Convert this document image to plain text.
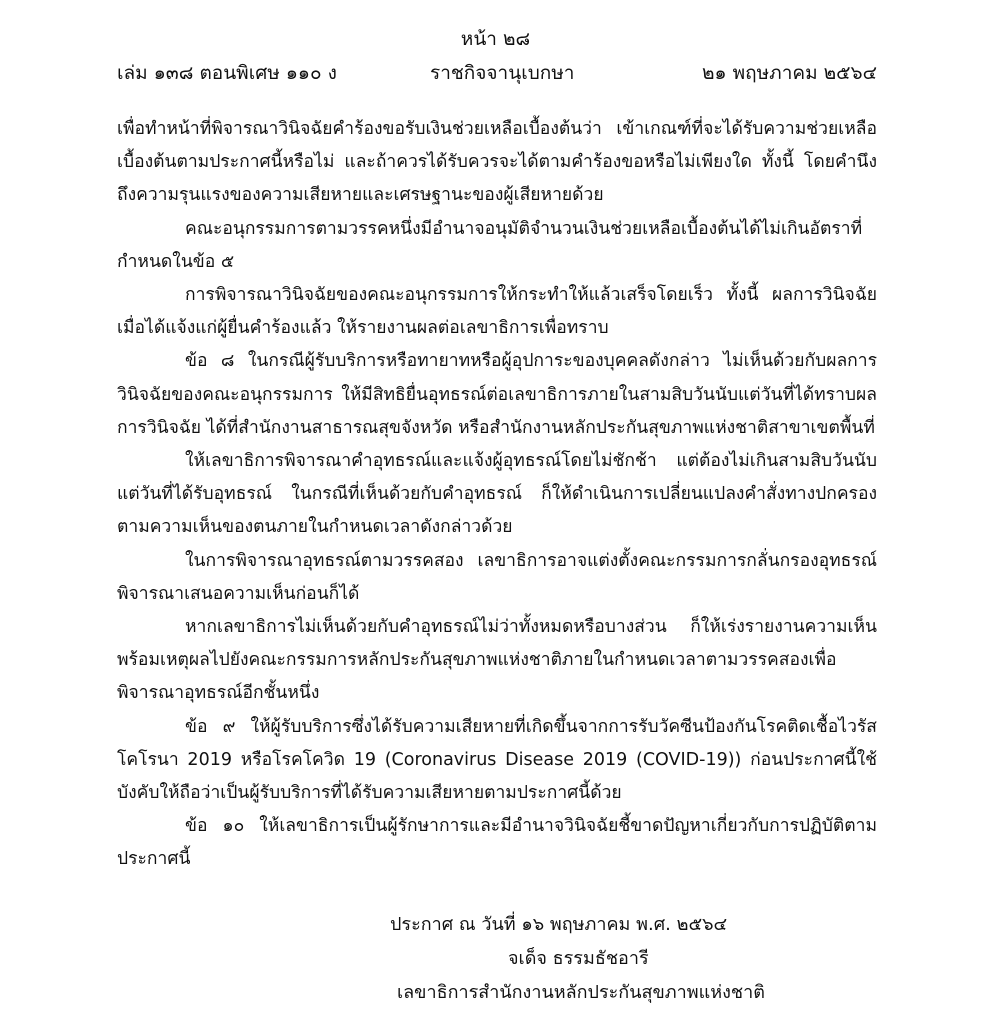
หน้า ๒๘
เล่ม ๑๓๘ ตอนพิเศษ ๑๑๐ ง	ราชกิจจานุเบกษา	๒๑ พฤษภาคม ๒๕๖๔

เพื่อทำหน้าที่พิจารณาวินิจฉัยคำร้องขอรับเงินช่วยเหลือเบื้องต้นว่า เข้าเกณฑ์ที่จะได้รับความช่วยเหลือเบื้องต้นตามประกาศนี้หรือไม่ และถ้าควรได้รับควรจะได้ตามคำร้องขอหรือไม่เพียงใด ทั้งนี้ โดยคำนึงถึงความรุนแรงของความเสียหายและเศรษฐานะของผู้เสียหายด้วย

คณะอนุกรรมการตามวรรคหนึ่งมีอำนาจอนุมัติจำนวนเงินช่วยเหลือเบื้องต้นได้ไม่เกินอัตราที่กำหนดในข้อ ๕

การพิจารณาวินิจฉัยของคณะอนุกรรมการให้กระทำให้แล้วเสร็จโดยเร็ว ทั้งนี้ ผลการวินิจฉัยเมื่อได้แจ้งแก่ผู้ยื่นคำร้องแล้ว ให้รายงานผลต่อเลขาธิการเพื่อทราบ

ข้อ ๘ ในกรณีผู้รับบริการหรือทายาทหรือผู้อุปการะของบุคคลดังกล่าว ไม่เห็นด้วยกับผลการวินิจฉัยของคณะอนุกรรมการ ให้มีสิทธิยื่นอุทธรณ์ต่อเลขาธิการภายในสามสิบวันนับแต่วันที่ได้ทราบผลการวินิจฉัย ได้ที่สำนักงานสาธารณสุขจังหวัด หรือสำนักงานหลักประกันสุขภาพแห่งชาติสาขาเขตพื้นที่

ให้เลขาธิการพิจารณาคำอุทธรณ์และแจ้งผู้อุทธรณ์โดยไม่ชักช้า แต่ต้องไม่เกินสามสิบวันนับแต่วันที่ได้รับอุทธรณ์ ในกรณีที่เห็นด้วยกับคำอุทธรณ์ ก็ให้ดำเนินการเปลี่ยนแปลงคำสั่งทางปกครองตามความเห็นของตนภายในกำหนดเวลาดังกล่าวด้วย

ในการพิจารณาอุทธรณ์ตามวรรคสอง เลขาธิการอาจแต่งตั้งคณะกรรมการกลั่นกรองอุทธรณ์พิจารณาเสนอความเห็นก่อนก็ได้

หากเลขาธิการไม่เห็นด้วยกับคำอุทธรณ์ไม่ว่าทั้งหมดหรือบางส่วน ก็ให้เร่งรายงานความเห็นพร้อมเหตุผลไปยังคณะกรรมการหลักประกันสุขภาพแห่งชาติภายในกำหนดเวลาตามวรรคสองเพื่อพิจารณาอุทธรณ์อีกชั้นหนึ่ง

ข้อ ๙ ให้ผู้รับบริการซึ่งได้รับความเสียหายที่เกิดขึ้นจากการรับวัคซีนป้องกันโรคติดเชื้อไวรัสโคโรนา 2019 หรือโรคโควิด 19 (Coronavirus Disease 2019 (COVID-19)) ก่อนประกาศนี้ใช้บังคับให้ถือว่าเป็นผู้รับบริการที่ได้รับความเสียหายตามประกาศนี้ด้วย

ข้อ ๑๐ ให้เลขาธิการเป็นผู้รักษาการและมีอำนาจวินิจฉัยชี้ขาดปัญหาเกี่ยวกับการปฏิบัติตามประกาศนี้

ประกาศ ณ วันที่ ๑๖ พฤษภาคม พ.ศ. ๒๕๖๔
จเด็จ ธรรมธัชอารี
เลขาธิการสำนักงานหลักประกันสุขภาพแห่งชาติ
